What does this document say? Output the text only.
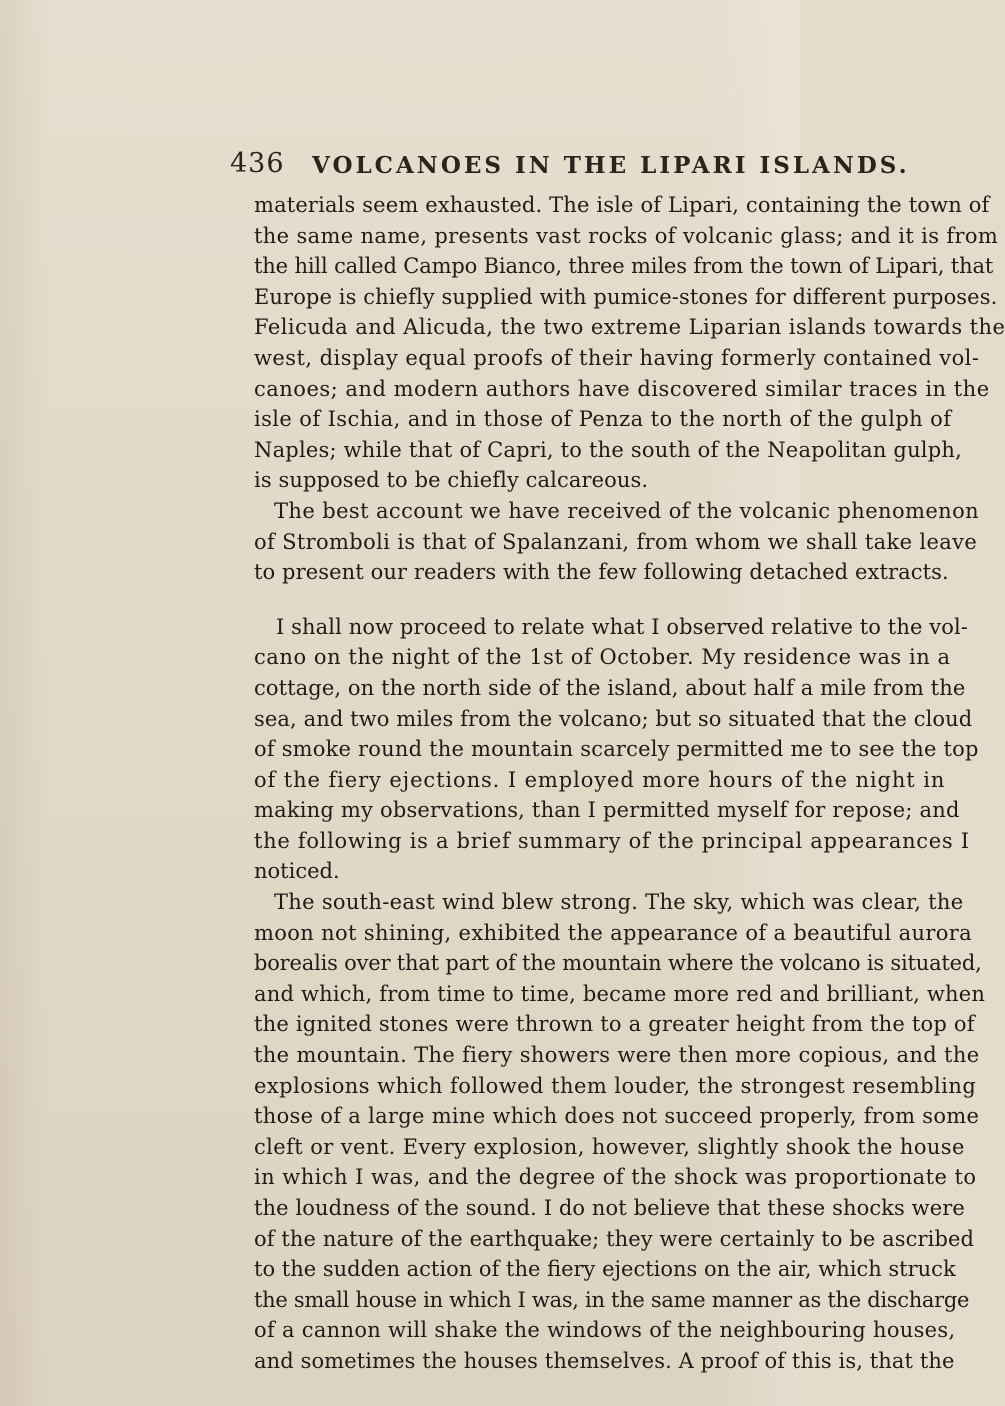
436 VOLCANOES IN THE LIPARI ISLANDS.
materials seem exhausted. The isle of Lipari, containing the town of
the same name, presents vast rocks of volcanic glass; and it is from
the hill called Campo Bianco, three miles from the town of Lipari, that
Europe is chiefly supplied with pumice-stones for different purposes.
Felicuda and Alicuda, the two extreme Liparian islands towards the
west, display equal proofs of their having formerly contained vol-
canoes; and modern authors have discovered similar traces in the
isle of Ischia, and in those of Penza to the north of the gulph of
Naples; while that of Capri, to the south of the Neapolitan gulph,
is supposed to be chiefly calcareous.
The best account we have received of the volcanic phenomenon
of Stromboli is that of Spalanzani, from whom we shall take leave
to present our readers with the few following detached extracts.
I shall now proceed to relate what I observed relative to the vol-
cano on the night of the 1st of October. My residence was in a
cottage, on the north side of the island, about half a mile from the
sea, and two miles from the volcano; but so situated that the cloud
of smoke round the mountain scarcely permitted me to see the top
of the fiery ejections. I employed more hours of the night in
making my observations, than I permitted myself for repose; and
the following is a brief summary of the principal appearances I
noticed.
The south-east wind blew strong. The sky, which was clear, the
moon not shining, exhibited the appearance of a beautiful aurora
borealis over that part of the mountain where the volcano is situated,
and which, from time to time, became more red and brilliant, when
the ignited stones were thrown to a greater height from the top of
the mountain. The fiery showers were then more copious, and the
explosions which followed them louder, the strongest resembling
those of a large mine which does not succeed properly, from some
cleft or vent. Every explosion, however, slightly shook the house
in which I was, and the degree of the shock was proportionate to
the loudness of the sound. I do not believe that these shocks were
of the nature of the earthquake; they were certainly to be ascribed
to the sudden action of the fiery ejections on the air, which struck
the small house in which I was, in the same manner as the discharge
of a cannon will shake the windows of the neighbouring houses,
and sometimes the houses themselves. A proof of this is, that the
